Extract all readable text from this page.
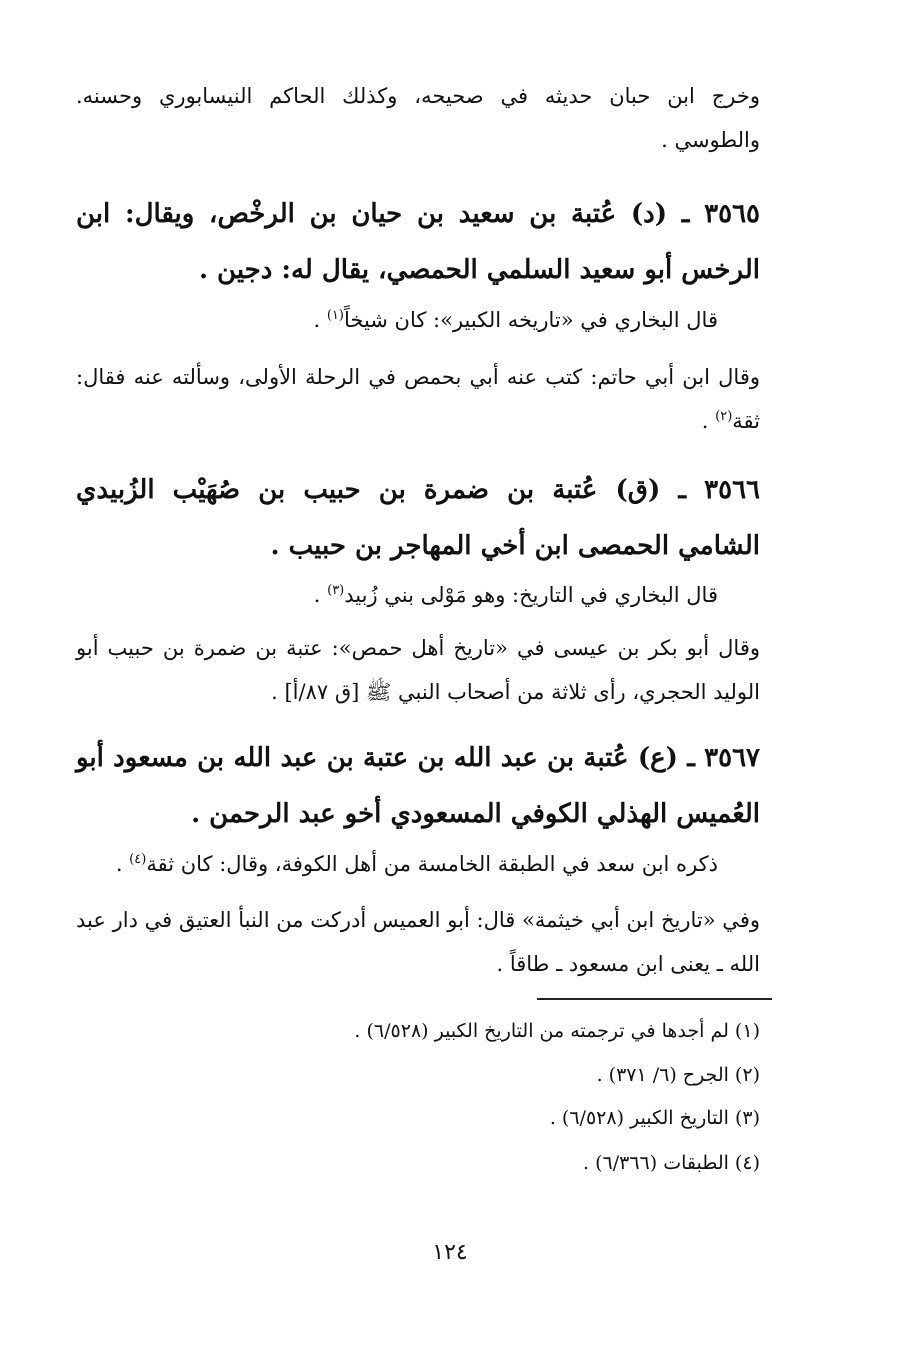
وخرج ابن حبان حديثه في صحيحه، وكذلك الحاكم النيسابوري وحسنه. والطوسي .

٣٥٦٥ ـ (د) عُتبة بن سعيد بن حيان بن الرخْص، ويقال: ابن الرخس أبو سعيد السلمي الحمصي، يقال له: دجين .

قال البخاري في «تاريخه الكبير»: كان شيخاً$^{(١)}$ .

وقال ابن أبي حاتم: كتب عنه أبي بحمص في الرحلة الأولى، وسألته عنه فقال: ثقة$^{(٢)}$ .

٣٥٦٦ ـ (ق) عُتبة بن ضمرة بن حبيب بن صُهَيْب الزُبيدي الشامي الحمصى ابن أخي المهاجر بن حبيب .

قال البخاري في التاريخ: وهو مَوْلى بني زُبيد$^{(٣)}$ .

وقال أبو بكر بن عيسى في «تاريخ أهل حمص»: عتبة بن ضمرة بن حبيب أبو الوليد الحجري، رأى ثلاثة من أصحاب النبي ﷺ [ق ٨٧/أ] .

٣٥٦٧ ـ (ع) عُتبة بن عبد الله بن عتبة بن عبد الله بن مسعود أبو العُميس الهذلي الكوفي المسعودي أخو عبد الرحمن .

ذكره ابن سعد في الطبقة الخامسة من أهل الكوفة، وقال: كان ثقة$^{(٤)}$ .

وفي «تاريخ ابن أبي خيثمة» قال: أبو العميس أدركت من النبأ العتيق في دار عبد الله ـ يعنى ابن مسعود ـ طاقاً .

(١) لم أجدها في ترجمته من التاريخ الكبير (٦/٥٢٨) .
(٢) الجرح (٦/ ٣٧١) .
(٣) التاريخ الكبير (٦/٥٢٨) .
(٤) الطبقات (٦/٣٦٦) .
١٢٤
